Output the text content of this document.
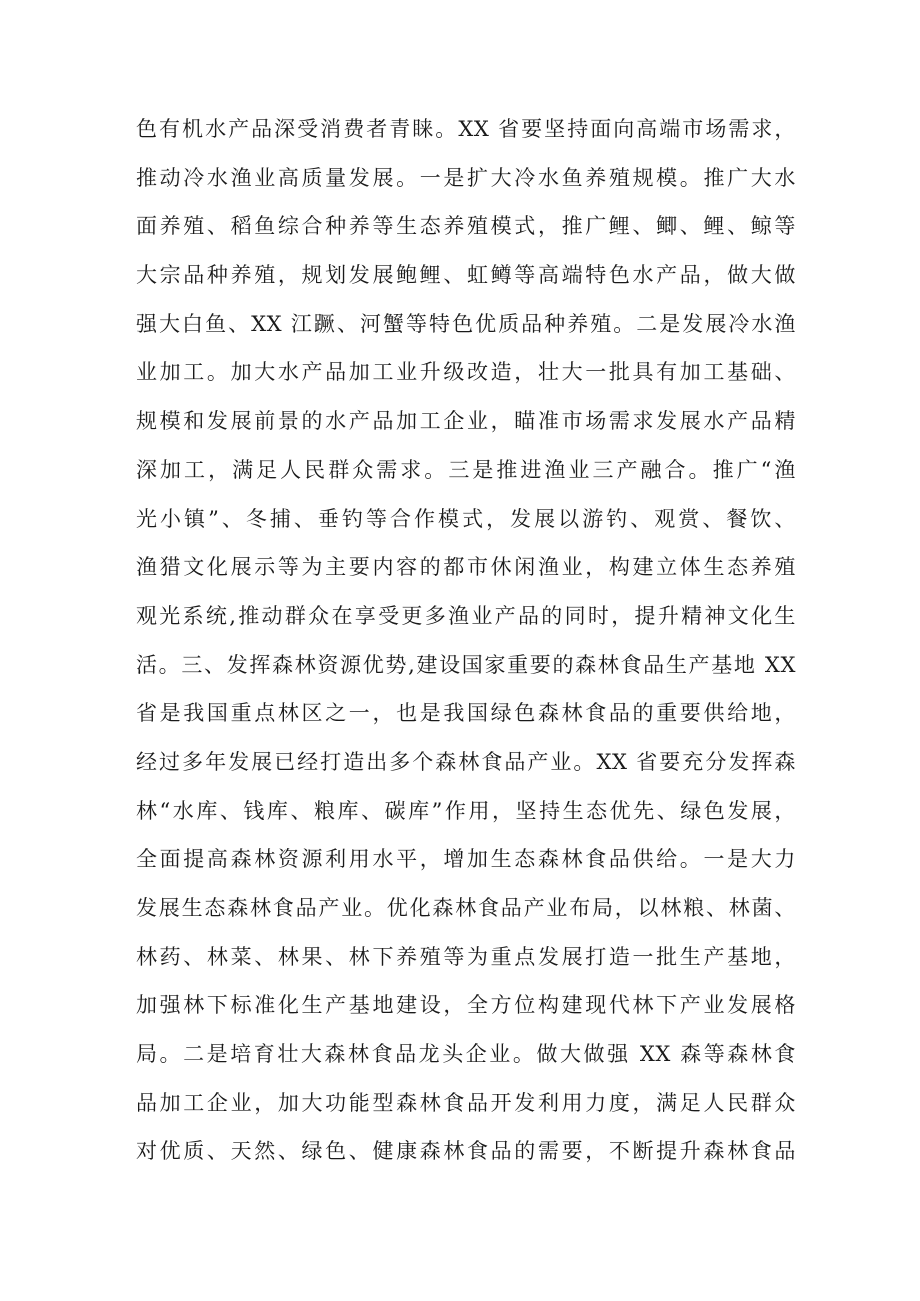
色有机水产品深受消费者青睐。XX 省要坚持面向高端市场需求，
推动冷水渔业高质量发展。一是扩大冷水鱼养殖规模。推广大水
面养殖、稻鱼综合种养等生态养殖模式，推广鲤、鲫、鲤、鲸等
大宗品种养殖，规划发展鲍鲤、虹鳟等高端特色水产品，做大做
强大白鱼、XX 江蹶、河蟹等特色优质品种养殖。二是发展冷水渔
业加工。加大水产品加工业升级改造，壮大一批具有加工基础、
规模和发展前景的水产品加工企业，瞄准市场需求发展水产品精
深加工，满足人民群众需求。三是推进渔业三产融合。推广“渔
光小镇”、冬捕、垂钓等合作模式，发展以游钓、观赏、餐饮、
渔猎文化展示等为主要内容的都市休闲渔业，构建立体生态养殖
观光系统,推动群众在享受更多渔业产品的同时，提升精神文化生
活。三、发挥森林资源优势,建设国家重要的森林食品生产基地 XX
省是我国重点林区之一，也是我国绿色森林食品的重要供给地，
经过多年发展已经打造出多个森林食品产业。XX 省要充分发挥森
林“水库、钱库、粮库、碳库”作用，坚持生态优先、绿色发展，
全面提高森林资源利用水平，增加生态森林食品供给。一是大力
发展生态森林食品产业。优化森林食品产业布局，以林粮、林菌、
林药、林菜、林果、林下养殖等为重点发展打造一批生产基地，
加强林下标准化生产基地建设，全方位构建现代林下产业发展格
局。二是培育壮大森林食品龙头企业。做大做强 XX 森等森林食
品加工企业，加大功能型森林食品开发利用力度，满足人民群众
对优质、天然、绿色、健康森林食品的需要，不断提升森林食品
